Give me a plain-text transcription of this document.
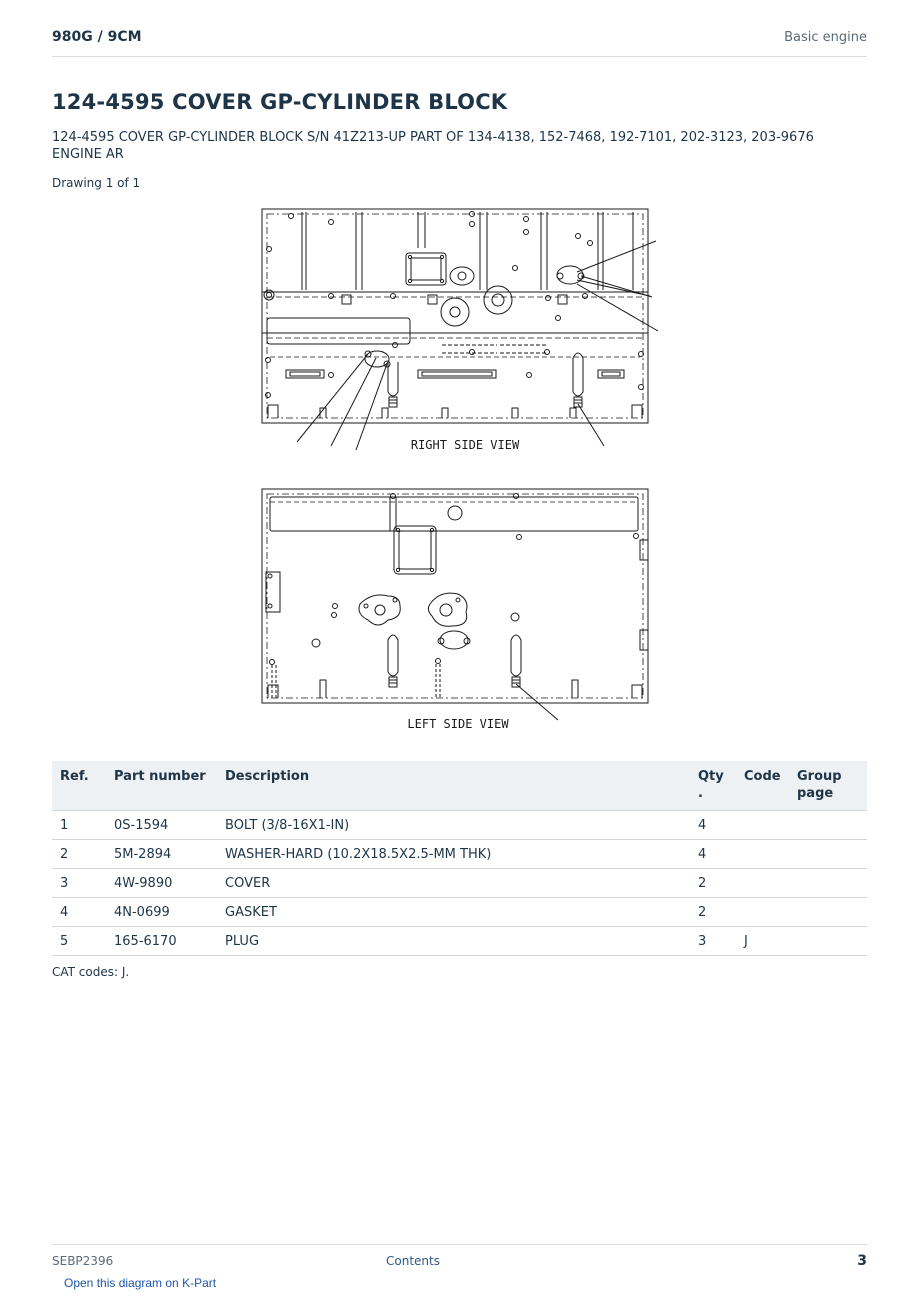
980G / 9CM	Basic engine
124-4595 COVER GP-CYLINDER BLOCK
124-4595 COVER GP-CYLINDER BLOCK S/N 41Z213-UP PART OF 134-4138, 152-7468, 192-7101, 202-3123, 203-9676 ENGINE AR
Drawing 1 of 1
RIGHT SIDE VIEW
LEFT SIDE VIEW
Ref.	Part number	Description	Qty .	Code	Group page
1	0S-1594	BOLT (3/8-16X1-IN)	4		
2	5M-2894	WASHER-HARD (10.2X18.5X2.5-MM THK)	4		
3	4W-9890	COVER	2		
4	4N-0699	GASKET	2		
5	165-6170	PLUG	3	J	
CAT codes: J.
SEBP2396	Contents	3
Open this diagram on K-Part
